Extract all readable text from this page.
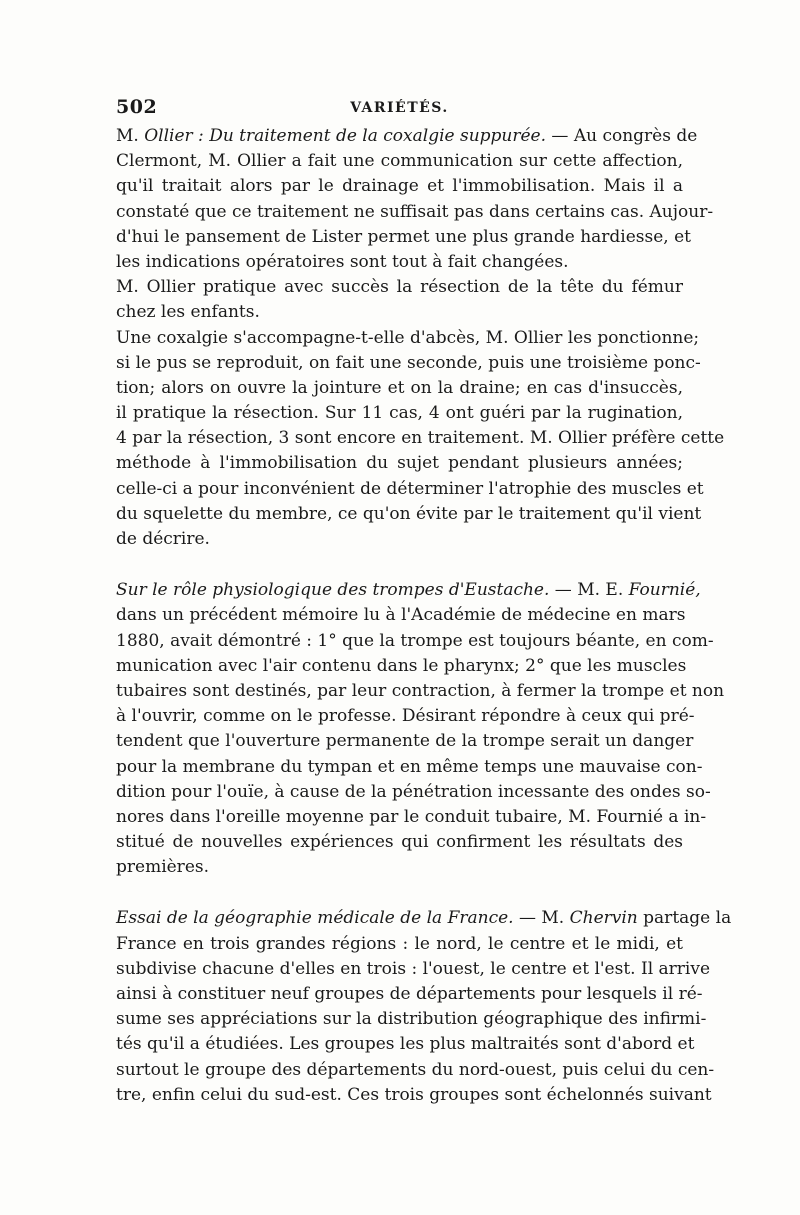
502	VARIÉTÉS.
M. Ollier : Du traitement de la coxalgie suppurée. — Au congrès de
Clermont, M. Ollier a fait une communication sur cette affection,
qu'il traitait alors par le drainage et l'immobilisation. Mais il a
constaté que ce traitement ne suffisait pas dans certains cas. Aujour-
d'hui le pansement de Lister permet une plus grande hardiesse, et
les indications opératoires sont tout à fait changées.
M. Ollier pratique avec succès la résection de la tête du fémur
chez les enfants.
Une coxalgie s'accompagne-t-elle d'abcès, M. Ollier les ponctionne;
si le pus se reproduit, on fait une seconde, puis une troisième ponc-
tion; alors on ouvre la jointure et on la draine; en cas d'insuccès,
il pratique la résection. Sur 11 cas, 4 ont guéri par la rugination,
4 par la résection, 3 sont encore en traitement. M. Ollier préfère cette
méthode à l'immobilisation du sujet pendant plusieurs années;
celle-ci a pour inconvénient de déterminer l'atrophie des muscles et
du squelette du membre, ce qu'on évite par le traitement qu'il vient
de décrire.
Sur le rôle physiologique des trompes d'Eustache. — M. E. Fournié,
dans un précédent mémoire lu à l'Académie de médecine en mars
1880, avait démontré : 1° que la trompe est toujours béante, en com-
munication avec l'air contenu dans le pharynx; 2° que les muscles
tubaires sont destinés, par leur contraction, à fermer la trompe et non
à l'ouvrir, comme on le professe. Désirant répondre à ceux qui pré-
tendent que l'ouverture permanente de la trompe serait un danger
pour la membrane du tympan et en même temps une mauvaise con-
dition pour l'ouïe, à cause de la pénétration incessante des ondes so-
nores dans l'oreille moyenne par le conduit tubaire, M. Fournié a in-
stitué de nouvelles expériences qui confirment les résultats des
premières.
Essai de la géographie médicale de la France. — M. Chervin partage la
France en trois grandes régions : le nord, le centre et le midi, et
subdivise chacune d'elles en trois : l'ouest, le centre et l'est. Il arrive
ainsi à constituer neuf groupes de départements pour lesquels il ré-
sume ses appréciations sur la distribution géographique des infirmi-
tés qu'il a étudiées. Les groupes les plus maltraités sont d'abord et
surtout le groupe des départements du nord-ouest, puis celui du cen-
tre, enfin celui du sud-est. Ces trois groupes sont échelonnés suivant
